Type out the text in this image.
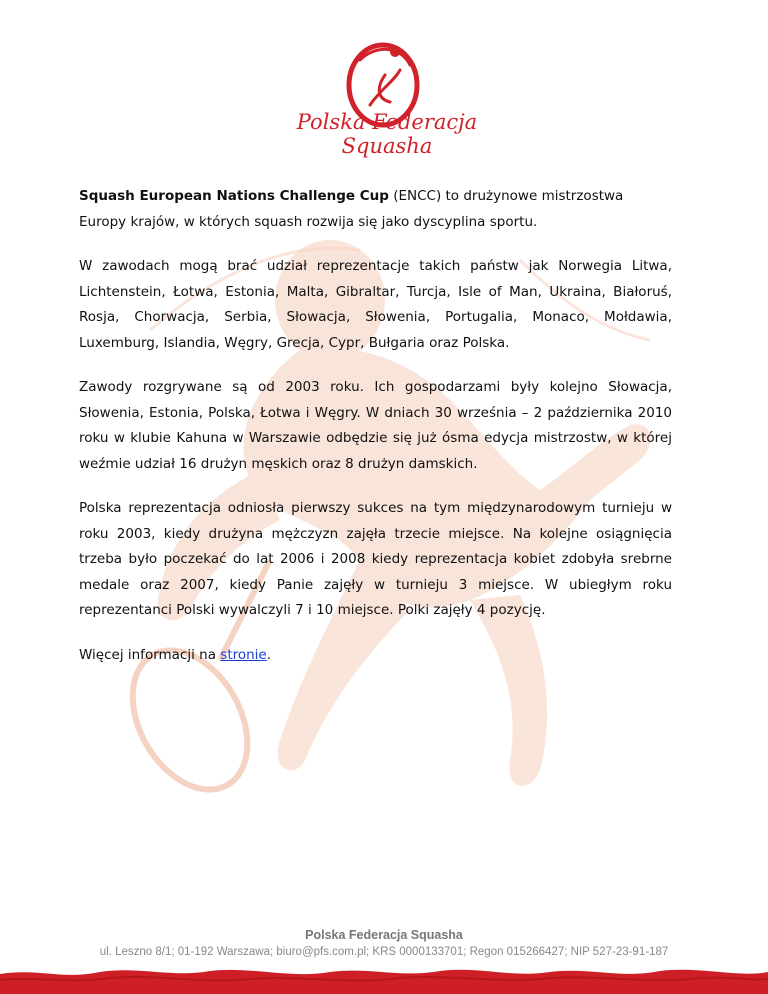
Polska Federacja Squasha

Squash European Nations Challenge Cup (ENCC) to drużynowe mistrzostwa Europy krajów, w których squash rozwija się jako dyscyplina sportu.

W zawodach mogą brać udział reprezentacje takich państw jak Norwegia Litwa, Lichtenstein, Łotwa, Estonia, Malta, Gibraltar, Turcja, Isle of Man, Ukraina, Białoruś, Rosja, Chorwacja, Serbia, Słowacja, Słowenia, Portugalia, Monaco, Mołdawia, Luxemburg, Islandia, Węgry, Grecja, Cypr, Bułgaria oraz Polska.

Zawody rozgrywane są od 2003 roku. Ich gospodarzami były kolejno Słowacja, Słowenia, Estonia, Polska, Łotwa i Węgry. W dniach 30 września – 2 października 2010 roku w klubie Kahuna w Warszawie odbędzie się już ósma edycja mistrzostw, w której weźmie udział 16 drużyn męskich oraz 8 drużyn damskich.

Polska reprezentacja odniosła pierwszy sukces na tym międzynarodowym turnieju w roku 2003, kiedy drużyna mężczyzn zajęła trzecie miejsce. Na kolejne osiągnięcia trzeba było poczekać do lat 2006 i 2008 kiedy reprezentacja kobiet zdobyła srebrne medale oraz 2007, kiedy Panie zajęły w turnieju 3 miejsce. W ubiegłym roku reprezentanci Polski wywalczyli 7 i 10 miejsce. Polki zajęły 4 pozycję.

Więcej informacji na stronie.

Polska Federacja Squasha
ul. Leszno 8/1; 01-192 Warszawa; biuro@pfs.com.pl; KRS 0000133701; Regon 015266427; NIP 527-23-91-187
